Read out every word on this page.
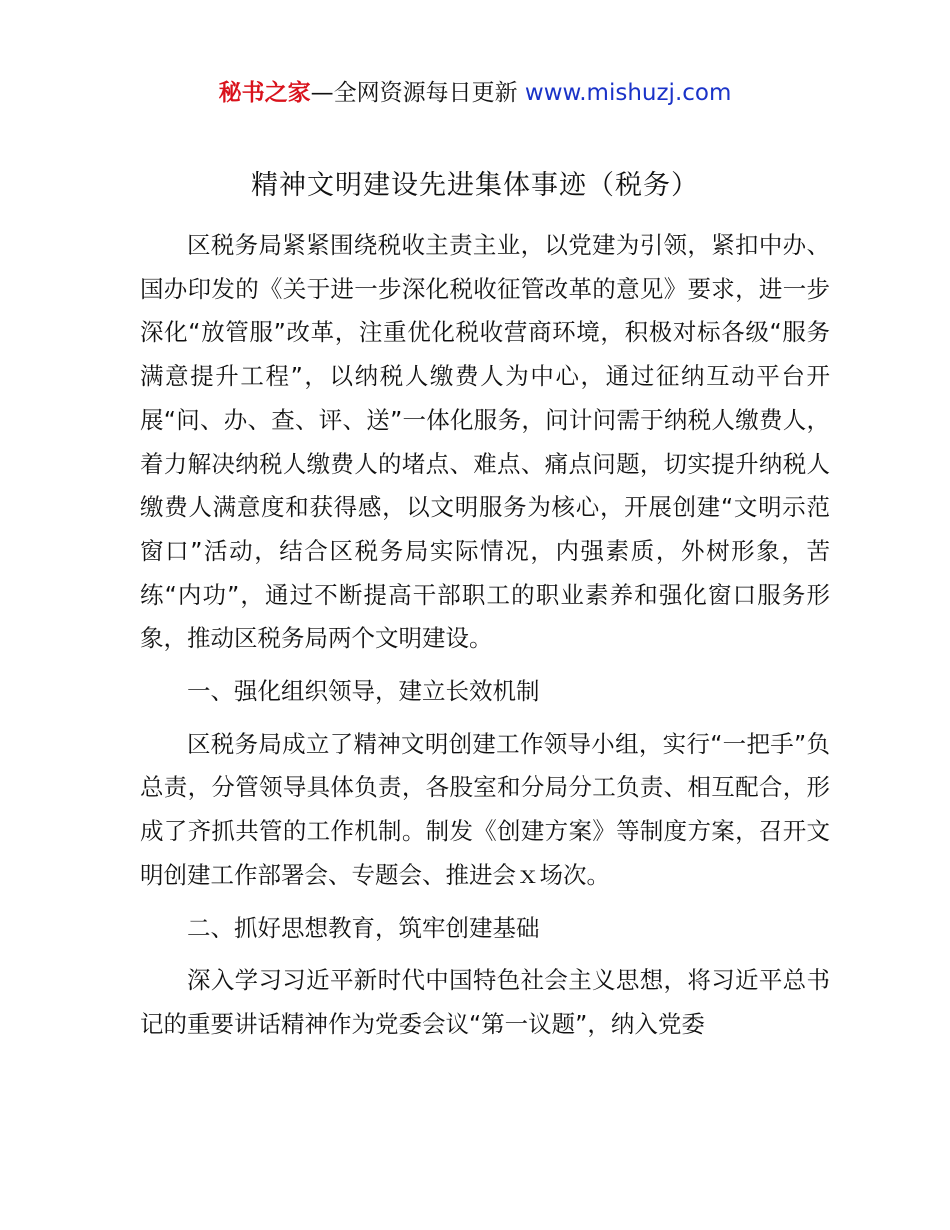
秘书之家—全网资源每日更新 www.mishuzj.com
精神文明建设先进集体事迹（税务）

区税务局紧紧围绕税收主责主业，以党建为引领，紧扣中办、国办印发的《关于进一步深化税收征管改革的意见》要求，进一步深化“放管服”改革，注重优化税收营商环境，积极对标各级“服务满意提升工程”，以纳税人缴费人为中心，通过征纳互动平台开展“问、办、查、评、送”一体化服务，问计问需于纳税人缴费人，着力解决纳税人缴费人的堵点、难点、痛点问题，切实提升纳税人缴费人满意度和获得感，以文明服务为核心，开展创建“文明示范窗口”活动，结合区税务局实际情况，内强素质，外树形象，苦练“内功”，通过不断提高干部职工的职业素养和强化窗口服务形象，推动区税务局两个文明建设。

一、强化组织领导，建立长效机制

区税务局成立了精神文明创建工作领导小组，实行“一把手”负总责，分管领导具体负责，各股室和分局分工负责、相互配合，形成了齐抓共管的工作机制。制发《创建方案》等制度方案，召开文明创建工作部署会、专题会、推进会ｘ场次。

二、抓好思想教育，筑牢创建基础

深入学习习近平新时代中国特色社会主义思想，将习近平总书记的重要讲话精神作为党委会议“第一议题”，纳入党委
